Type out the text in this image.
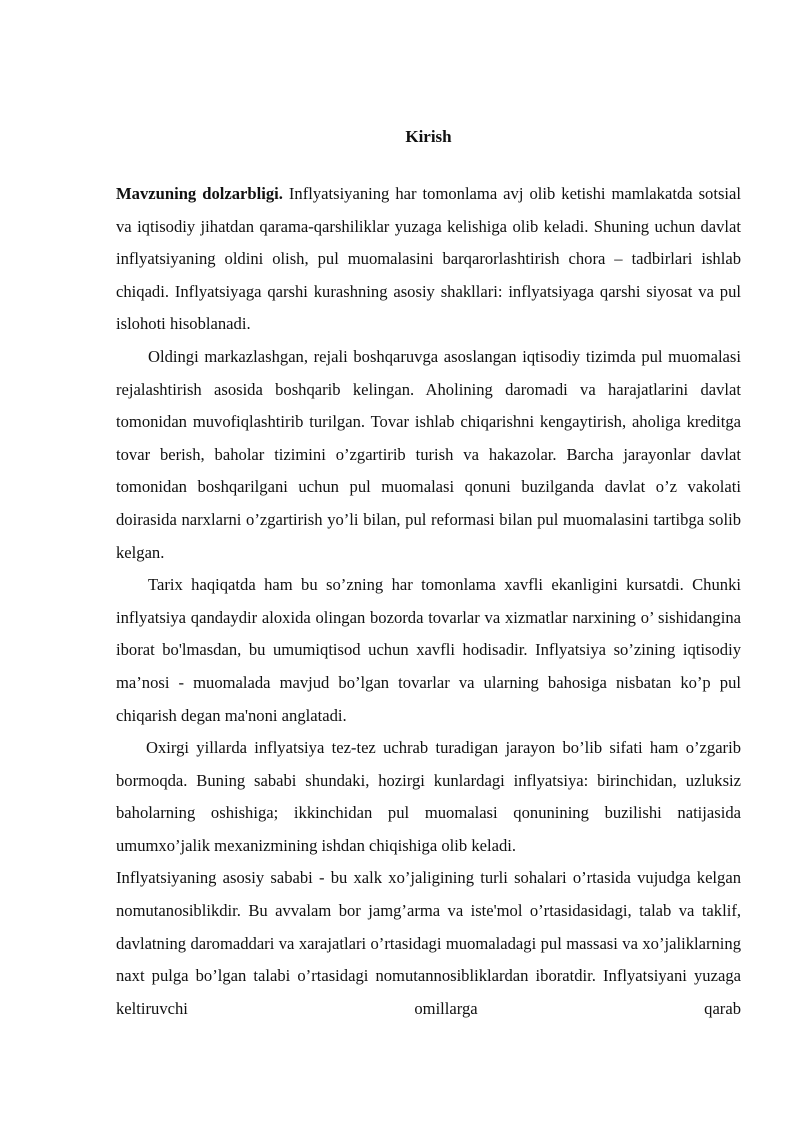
Kirish

Mavzuning dolzarbligi. Inflyatsiyaning har tomonlama avj olib ketishi mamlakatda sotsial va iqtisodiy jihatdan qarama-qarshiliklar yuzaga kelishiga olib keladi. Shuning uchun davlat inflyatsiyaning oldini olish, pul muomalasini barqarorlashtirish chora – tadbirlari ishlab chiqadi. Inflyatsiyaga qarshi kurashning asosiy shakllari: inflyatsiyaga qarshi siyosat va pul islohoti hisoblanadi.

Oldingi markazlashgan, rejali boshqaruvga asoslangan iqtisodiy tizimda pul muomalasi rejalashtirish asosida boshqarib kelingan. Aholining daromadi va harajatlarini davlat tomonidan muvofiqlashtirib turilgan. Tovar ishlab chiqarishni kengaytirish, aholiga kreditga tovar berish, baholar tizimini o’zgartirib turish va hakazolar. Barcha jarayonlar davlat tomonidan boshqarilgani uchun pul muomalasi qonuni buzilganda davlat o’z vakolati doirasida narxlarni o’zgartirish yo’li bilan, pul reformasi bilan pul muomalasini tartibga solib kelgan.

Tarix haqiqatda ham bu so’zning har tomonlama xavfli ekanligini kursatdi. Chunki inflyatsiya qandaydir aloxida olingan bozorda tovarlar va xizmatlar narxining o’ sishidangina iborat bo'lmasdan, bu umumiqtisod uchun xavfli hodisadir. Inflyatsiya so’zining iqtisodiy ma’nosi - muomalada mavjud bo’lgan tovarlar va ularning bahosiga nisbatan ko’p pul chiqarish degan ma'noni anglatadi.

Oxirgi yillarda inflyatsiya tez-tez uchrab turadigan jarayon bo’lib sifati ham o’zgarib bormoqda. Buning sababi shundaki, hozirgi kunlardagi inflyatsiya: birinchidan, uzluksiz baholarning oshishiga; ikkinchidan pul muomalasi qonunining buzilishi natijasida umumxo’jalik mexanizmining ishdan chiqishiga olib keladi.

Inflyatsiyaning asosiy sababi - bu xalk xo’jaligining turli sohalari o’rtasida vujudga kelgan nomutanosiblikdir. Bu avvalam bor jamg’arma va iste'mol o’rtasidasidagi, talab va taklif, davlatning daromaddari va xarajatlari o’rtasidagi muomaladagi pul massasi va xo’jaliklarning naxt pulga bo’lgan talabi o’rtasidagi nomutannosibliklardan iboratdir. Inflyatsiyani yuzaga keltiruvchi omillarga qarab
